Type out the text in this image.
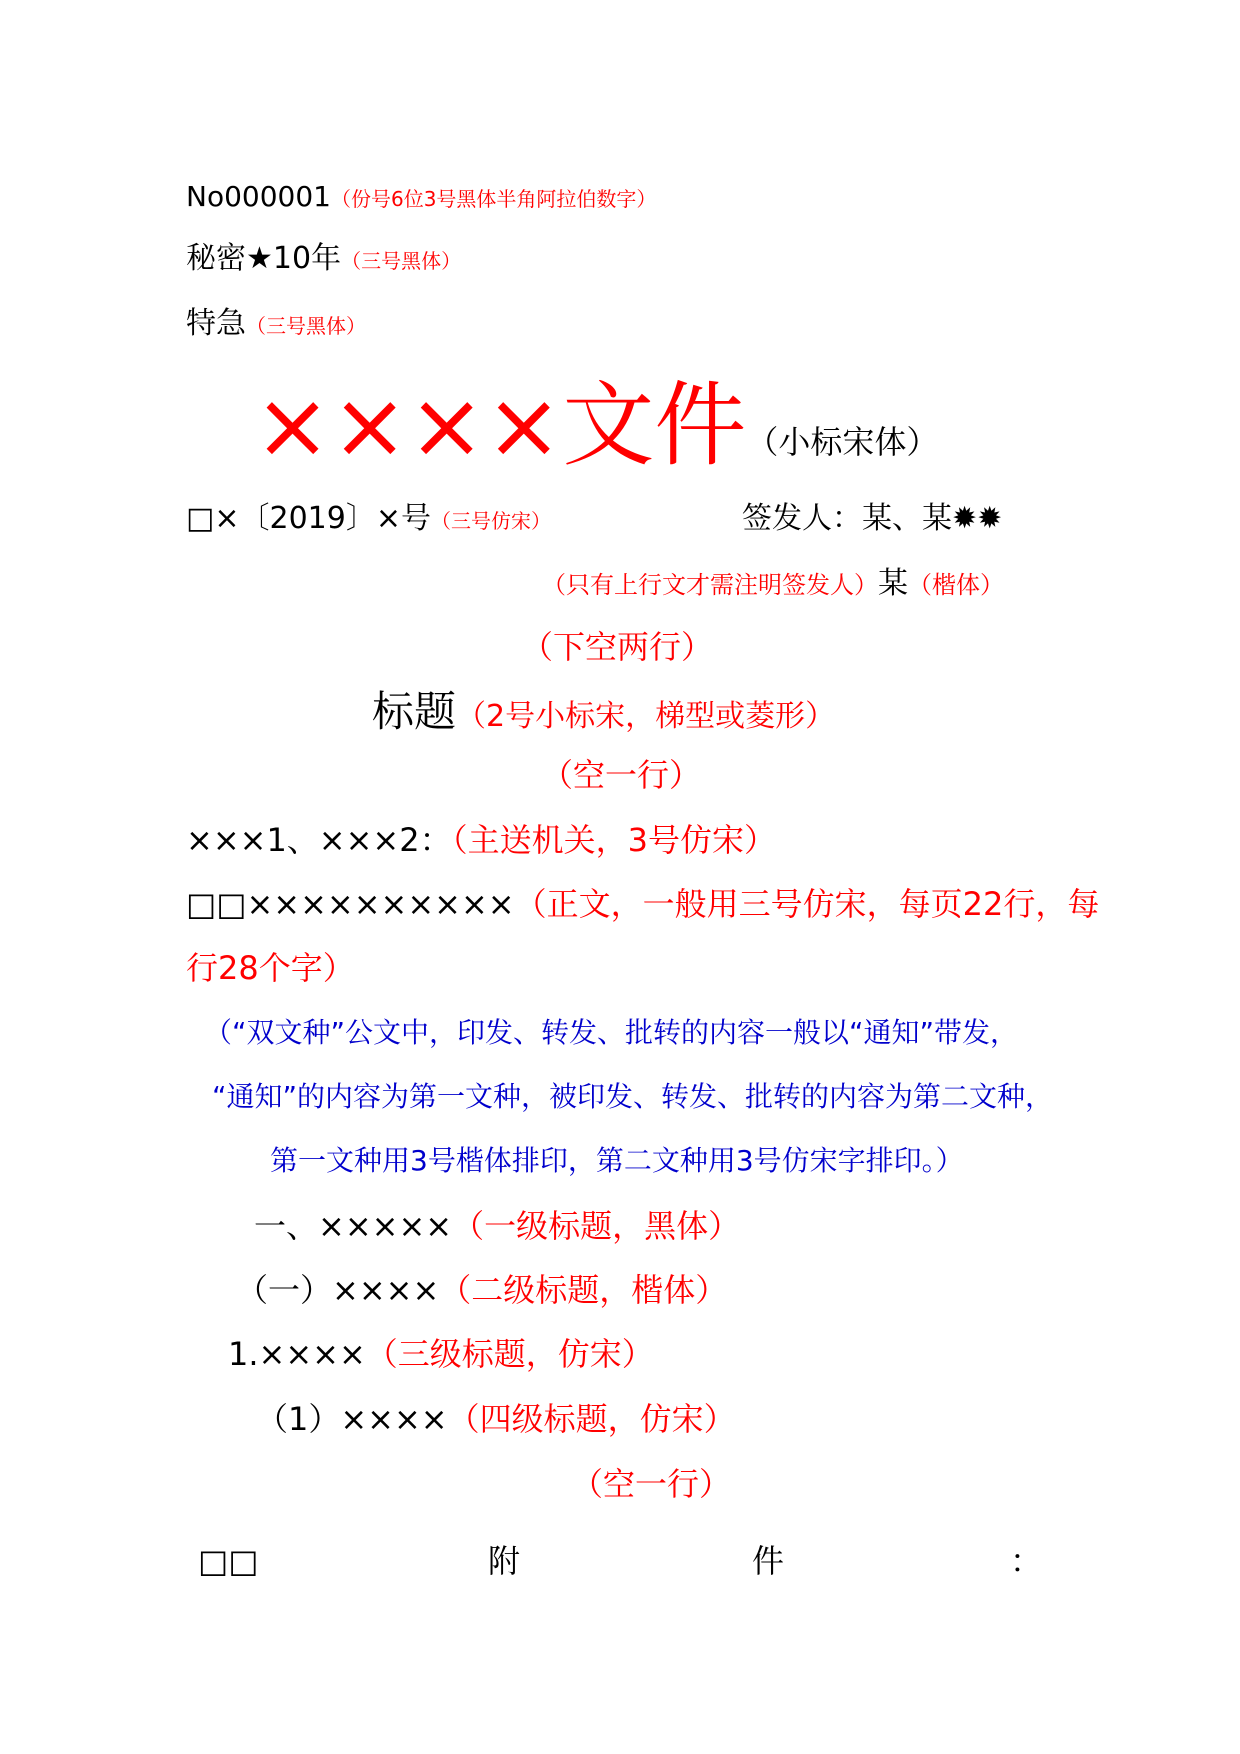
No000001（份号6位3号黑体半角阿拉伯数字）
秘密★10年（三号黑体）
特急（三号黑体）
××××文件（小标宋体）
□×〔2019〕×号（三号仿宋）	签发人：某、某✹✹
（只有上行文才需注明签发人）某（楷体）
（下空两行）
标题（2号小标宋，梯型或菱形）
（空一行）
×××1、×××2：（主送机关，3号仿宋）
□□××××××××××（正文，一般用三号仿宋，每页22行，每
行28个字）
（“双文种”公文中，印发、转发、批转的内容一般以“通知”带发，
“通知”的内容为第一文种，被印发、转发、批转的内容为第二文种，
第一文种用3号楷体排印，第二文种用3号仿宋字排印。）
一、×××××（一级标题，黑体）
（一）××××（二级标题，楷体）
1.××××（三级标题，仿宋）
（1）××××（四级标题，仿宋）
（空一行）
□□	附	件	：
